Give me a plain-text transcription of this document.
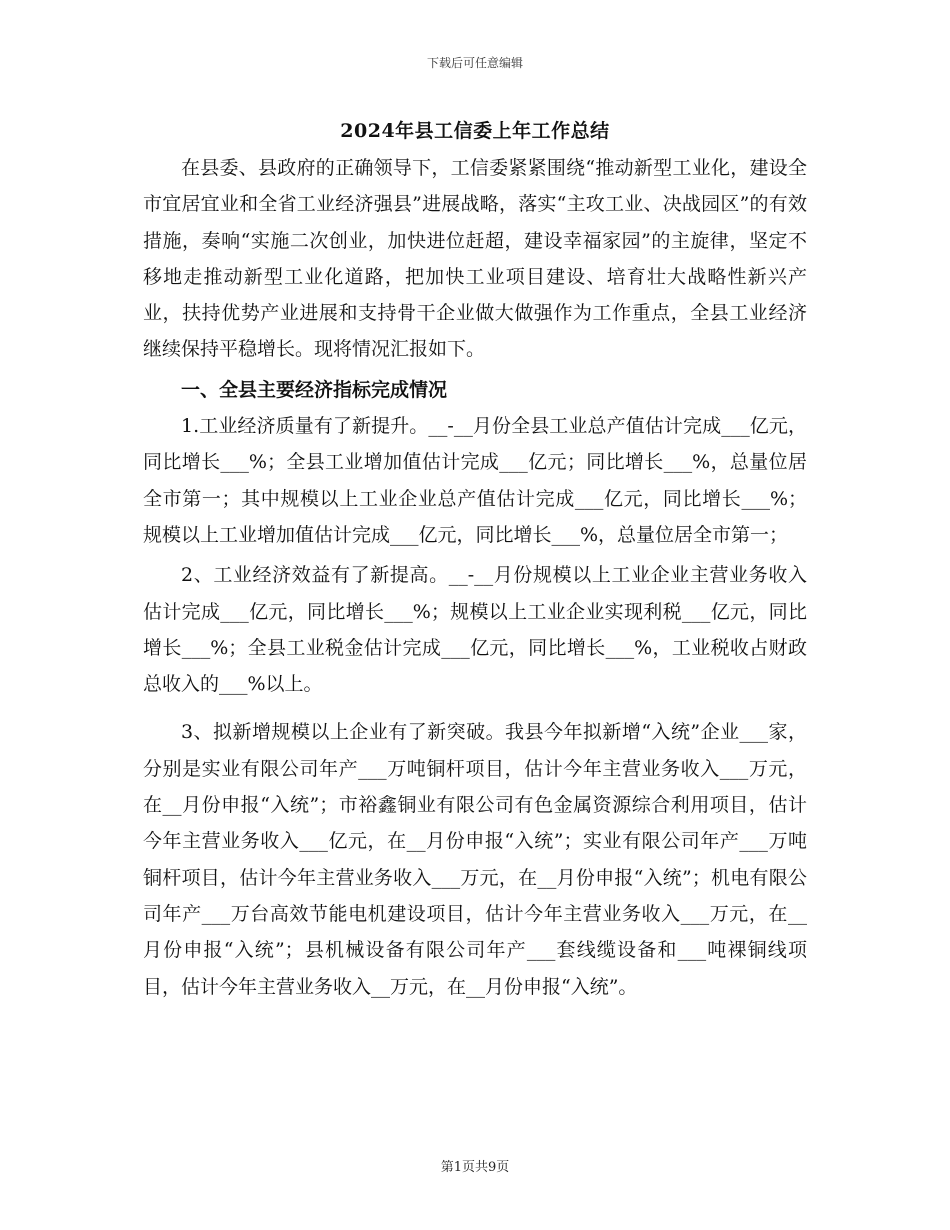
下载后可任意编辑
2024年县工信委上年工作总结

在县委、县政府的正确领导下，工信委紧紧围绕“推动新型工业化，建设全市宜居宜业和全省工业经济强县”进展战略，落实“主攻工业、决战园区”的有效措施，奏响“实施二次创业，加快进位赶超，建设幸福家园”的主旋律，坚定不移地走推动新型工业化道路，把加快工业项目建设、培育壮大战略性新兴产业，扶持优势产业进展和支持骨干企业做大做强作为工作重点，全县工业经济继续保持平稳增长。现将情况汇报如下。

一、全县主要经济指标完成情况

1.工业经济质量有了新提升。__-__月份全县工业总产值估计完成___亿元，同比增长___%；全县工业增加值估计完成___亿元；同比增长___%，总量位居全市第一；其中规模以上工业企业总产值估计完成___亿元，同比增长___%；规模以上工业增加值估计完成___亿元，同比增长___%，总量位居全市第一；

2、工业经济效益有了新提高。__-__月份规模以上工业企业主营业务收入估计完成___亿元，同比增长___%；规模以上工业企业实现利税___亿元，同比增长___%；全县工业税金估计完成___亿元，同比增长___%，工业税收占财政总收入的___%以上。

3、拟新增规模以上企业有了新突破。我县今年拟新增“入统”企业___家，分别是实业有限公司年产___万吨铜杆项目，估计今年主营业务收入___万元，在__月份申报“入统”；市裕鑫铜业有限公司有色金属资源综合利用项目，估计今年主营业务收入___亿元，在__月份申报“入统”；实业有限公司年产___万吨铜杆项目，估计今年主营业务收入___万元，在__月份申报“入统”；机电有限公司年产___万台高效节能电机建设项目，估计今年主营业务收入___万元，在__月份申报“入统”；县机械设备有限公司年产___套线缆设备和___吨裸铜线项目，估计今年主营业务收入__万元，在__月份申报“入统”。

第1页共9页
